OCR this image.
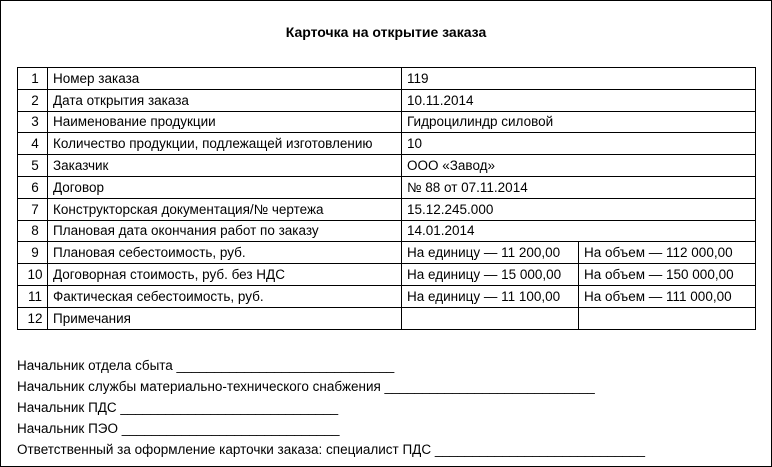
Карточка на открытие заказа
1	Номер заказа	119	
2	Дата открытия заказа	10.11.2014	
3	Наименование продукции	Гидроцилиндр силовой	
4	Количество продукции, подлежащей изготовлению	10	
5	Заказчик	ООО «Завод»	
6	Договор	№ 88 от 07.11.2014	
7	Конструкторская документация/№ чертежа	15.12.245.000	
8	Плановая дата окончания работ по заказу	14.01.2014	
9	Плановая себестоимость, руб.	На единицу — 11 200,00	На объем — 112 000,00
10	Договорная стоимость, руб. без НДС	На единицу — 15 000,00	На объем — 150 000,00
11	Фактическая себестоимость, руб.	На единицу — 11 100,00	На объем — 111 000,00
12	Примечания		
Начальник отдела сбыта _____________________________
Начальник службы материально-технического снабжения ____________________________
Начальник ПДС _____________________________
Начальник ПЭО _____________________________
Ответственный за оформление карточки заказа: специалист ПДС ____________________________
